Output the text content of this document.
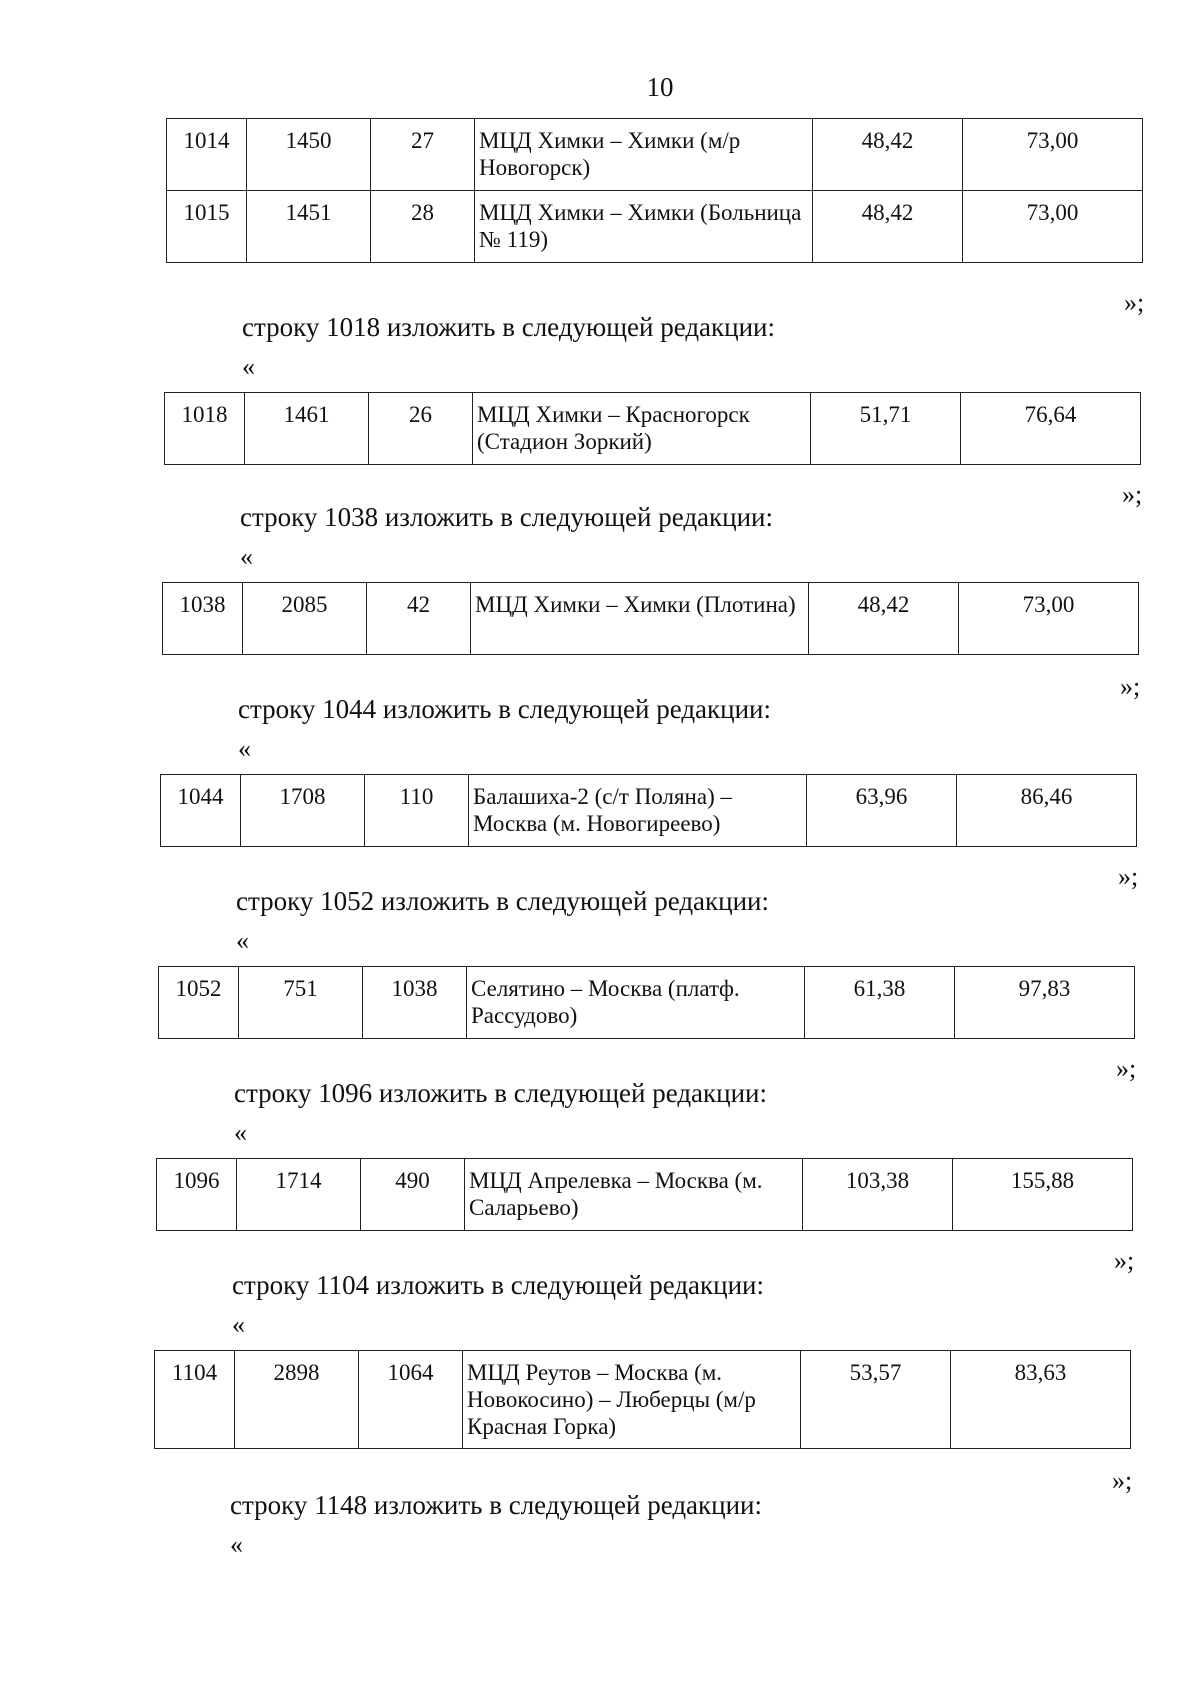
10
1014	1450	27	МЦД Химки – Химки (м/р Новогорск)	48,42	73,00
1015	1451	28	МЦД Химки – Химки (Больница № 119)	48,42	73,00
»;
строку 1018 изложить в следующей редакции:
«
1018	1461	26	МЦД Химки – Красногорск (Стадион Зоркий)	51,71	76,64
»;
строку 1038 изложить в следующей редакции:
«
1038	2085	42	МЦД Химки – Химки (Плотина)	48,42	73,00
»;
строку 1044 изложить в следующей редакции:
«
1044	1708	110	Балашиха-2 (с/т Поляна) – Москва (м. Новогиреево)	63,96	86,46
»;
строку 1052 изложить в следующей редакции:
«
1052	751	1038	Селятино – Москва (платф. Рассудово)	61,38	97,83
»;
строку 1096 изложить в следующей редакции:
«
1096	1714	490	МЦД Апрелевка – Москва (м. Саларьево)	103,38	155,88
»;
строку 1104 изложить в следующей редакции:
«
1104	2898	1064	МЦД Реутов – Москва (м. Новокосино) – Люберцы (м/р Красная Горка)	53,57	83,63
»;
строку 1148 изложить в следующей редакции:
«
